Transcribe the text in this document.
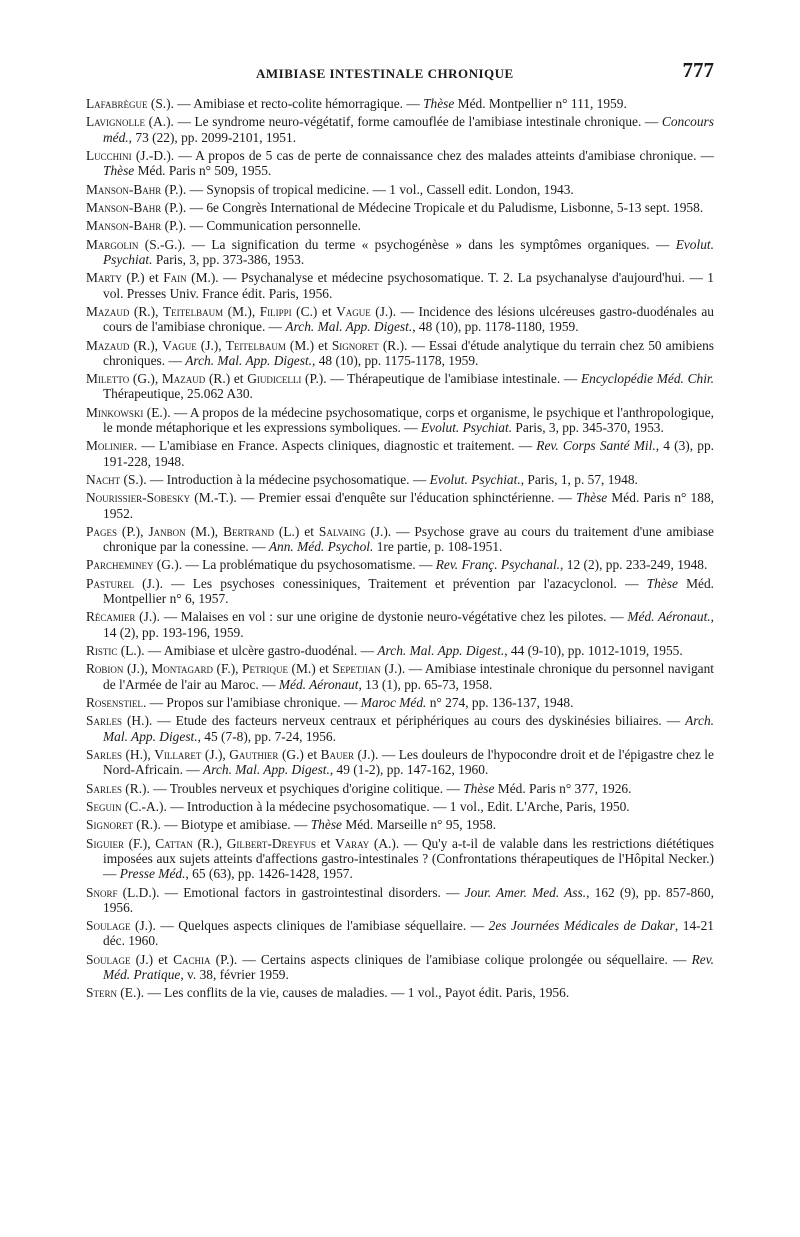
AMIBIASE INTESTINALE CHRONIQUE	777

Lafabrègue (S.). — Amibiase et recto-colite hémorragique. — Thèse Méd. Montpellier n° 111, 1959.

Lavignolle (A.). — Le syndrome neuro-végétatif, forme camouflée de l'amibiase intestinale chronique. — Concours méd., 73 (22), pp. 2099-2101, 1951.

Lucchini (J.-D.). — A propos de 5 cas de perte de connaissance chez des malades atteints d'amibiase chronique. — Thèse Méd. Paris n° 509, 1955.

Manson-Bahr (P.). — Synopsis of tropical medicine. — 1 vol., Cassell edit. London, 1943.

Manson-Bahr (P.). — 6e Congrès International de Médecine Tropicale et du Paludisme, Lisbonne, 5-13 sept. 1958.

Manson-Bahr (P.). — Communication personnelle.

Margolin (S.-G.). — La signification du terme « psychogénèse » dans les symptômes organiques. — Evolut. Psychiat. Paris, 3, pp. 373-386, 1953.

Marty (P.) et Fain (M.). — Psychanalyse et médecine psychosomatique. T. 2. La psychanalyse d'aujourd'hui. — 1 vol. Presses Univ. France édit. Paris, 1956.

Mazaud (R.), Teitelbaum (M.), Filippi (C.) et Vague (J.). — Incidence des lésions ulcéreuses gastro-duodénales au cours de l'amibiase chronique. — Arch. Mal. App. Digest., 48 (10), pp. 1178-1180, 1959.

Mazaud (R.), Vague (J.), Teitelbaum (M.) et Signoret (R.). — Essai d'étude analytique du terrain chez 50 amibiens chroniques. — Arch. Mal. App. Digest., 48 (10), pp. 1175-1178, 1959.

Miletto (G.), Mazaud (R.) et Giudicelli (P.). — Thérapeutique de l'amibiase intestinale. — Encyclopédie Méd. Chir. Thérapeutique, 25.062 A30.

Minkowski (E.). — A propos de la médecine psychosomatique, corps et organisme, le psychique et l'anthropologique, le monde métaphorique et les expressions symboliques. — Evolut. Psychiat. Paris, 3, pp. 345-370, 1953.

Molinier. — L'amibiase en France. Aspects cliniques, diagnostic et traitement. — Rev. Corps Santé Mil., 4 (3), pp. 191-228, 1948.

Nacht (S.). — Introduction à la médecine psychosomatique. — Evolut. Psychiat., Paris, 1, p. 57, 1948.

Nourissier-Sobesky (M.-T.). — Premier essai d'enquête sur l'éducation sphinctérienne. — Thèse Méd. Paris n° 188, 1952.

Pages (P.), Janbon (M.), Bertrand (L.) et Salvaing (J.). — Psychose grave au cours du traitement d'une amibiase chronique par la conessine. — Ann. Méd. Psychol. 1re partie, p. 108-1951.

Parcheminey (G.). — La problématique du psychosomatisme. — Rev. Franç. Psychanal., 12 (2), pp. 233-249, 1948.

Pasturel (J.). — Les psychoses conessiniques, Traitement et prévention par l'azacyclonol. — Thèse Méd. Montpellier n° 6, 1957.

Récamier (J.). — Malaises en vol : sur une origine de dystonie neuro-végétative chez les pilotes. — Méd. Aéronaut., 14 (2), pp. 193-196, 1959.

Ristic (L.). — Amibiase et ulcère gastro-duodénal. — Arch. Mal. App. Digest., 44 (9-10), pp. 1012-1019, 1955.

Robion (J.), Montagard (F.), Petrique (M.) et Sepetjian (J.). — Amibiase intestinale chronique du personnel navigant de l'Armée de l'air au Maroc. — Méd. Aéronaut, 13 (1), pp. 65-73, 1958.

Rosenstiel. — Propos sur l'amibiase chronique. — Maroc Méd. n° 274, pp. 136-137, 1948.

Sarles (H.). — Etude des facteurs nerveux centraux et périphériques au cours des dyskinésies biliaires. — Arch. Mal. App. Digest., 45 (7-8), pp. 7-24, 1956.

Sarles (H.), Villaret (J.), Gauthier (G.) et Bauer (J.). — Les douleurs de l'hypocondre droit et de l'épigastre chez le Nord-Africain. — Arch. Mal. App. Digest., 49 (1-2), pp. 147-162, 1960.

Sarles (R.). — Troubles nerveux et psychiques d'origine colitique. — Thèse Méd. Paris n° 377, 1926.

Seguin (C.-A.). — Introduction à la médecine psychosomatique. — 1 vol., Edit. L'Arche, Paris, 1950.

Signoret (R.). — Biotype et amibiase. — Thèse Méd. Marseille n° 95, 1958.

Siguier (F.), Cattan (R.), Gilbert-Dreyfus et Varay (A.). — Qu'y a-t-il de valable dans les restrictions diététiques imposées aux sujets atteints d'affections gastro-intestinales ? (Confrontations thérapeutiques de l'Hôpital Necker.) — Presse Méd., 65 (63), pp. 1426-1428, 1957.

Snorf (L.D.). — Emotional factors in gastrointestinal disorders. — Jour. Amer. Med. Ass., 162 (9), pp. 857-860, 1956.

Soulage (J.). — Quelques aspects cliniques de l'amibiase séquellaire. — 2es Journées Médicales de Dakar, 14-21 déc. 1960.

Soulage (J.) et Cachia (P.). — Certains aspects cliniques de l'amibiase colique prolongée ou séquellaire. — Rev. Méd. Pratique, v. 38, février 1959.

Stern (E.). — Les conflits de la vie, causes de maladies. — 1 vol., Payot édit. Paris, 1956.
